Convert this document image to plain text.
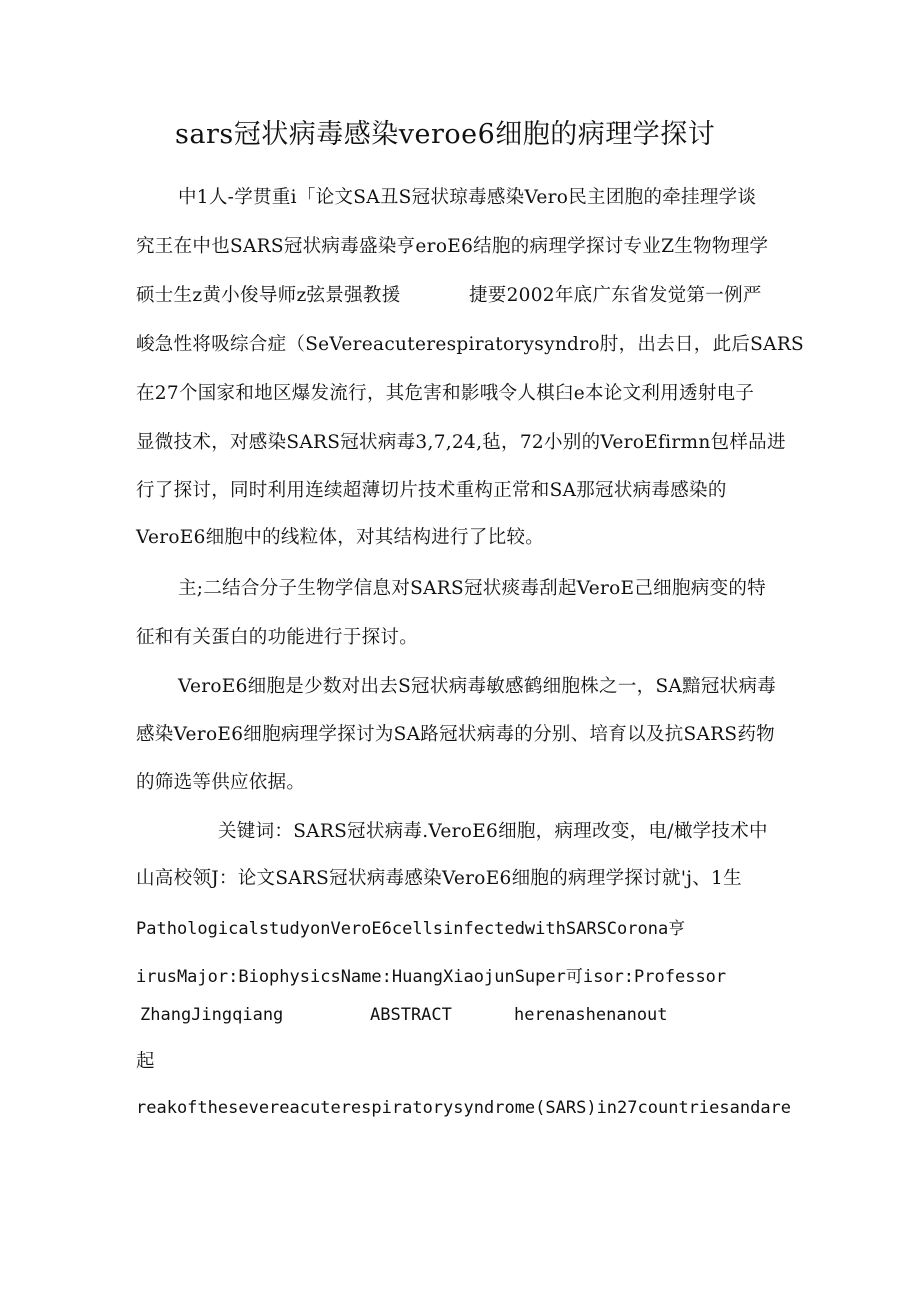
sars冠状病毒感染veroe6细胞的病理学探讨
中1人-学贯重i「论文SA丑S冠状琼毒感染Vero民主团胞的牵挂理学谈
究王在中也SARS冠状病毒盛染亨eroE6结胞的病理学探讨专业Z生物物理学
硕士生z黄小俊导师z弦景强教援	捷要2002年底广东省发觉第一例严
峻急性将吸综合症（SeVereacuterespiratorysyndro肘，出去日，此后SARS
在27个国家和地区爆发流行，其危害和影哦令人棋臼e本论文利用透射电子
显微技术，对感染SARS冠状病毒3,7,24,毡，72小别的VeroEfirmn包样品进
行了探讨，同时利用连续超薄切片技术重构正常和SA那冠状病毒感染的
VeroE6细胞中的线粒体，对其结构进行了比较。
主;二结合分子生物学信息对SARS冠状痰毒刮起VeroE己细胞病变的特
征和有关蛋白的功能进行于探讨。
VeroE6细胞是少数对出去S冠状病毒敏感鹤细胞株之一，SA黯冠状病毒
感染VeroE6细胞病理学探讨为SA路冠状病毒的分别、培育以及抗SARS药物
的筛选等供应依据。
关键词：SARS冠状病毒.VeroE6细胞，病理改变，电/橄学技术中
山高校领J：论文SARS冠状病毒感染VeroE6细胞的病理学探讨就'j、1生
PathologicalstudyonVeroE6cellsinfectedwithSARSCorona亨
irusMajor:BiophysicsName:HuangXiaojunSuper可isor:Professor
ZhangJingqiang	ABSTRACT	herenashenanout
起
reakofthesevereacuterespiratorysyndrome(SARS)in27countriesandare
